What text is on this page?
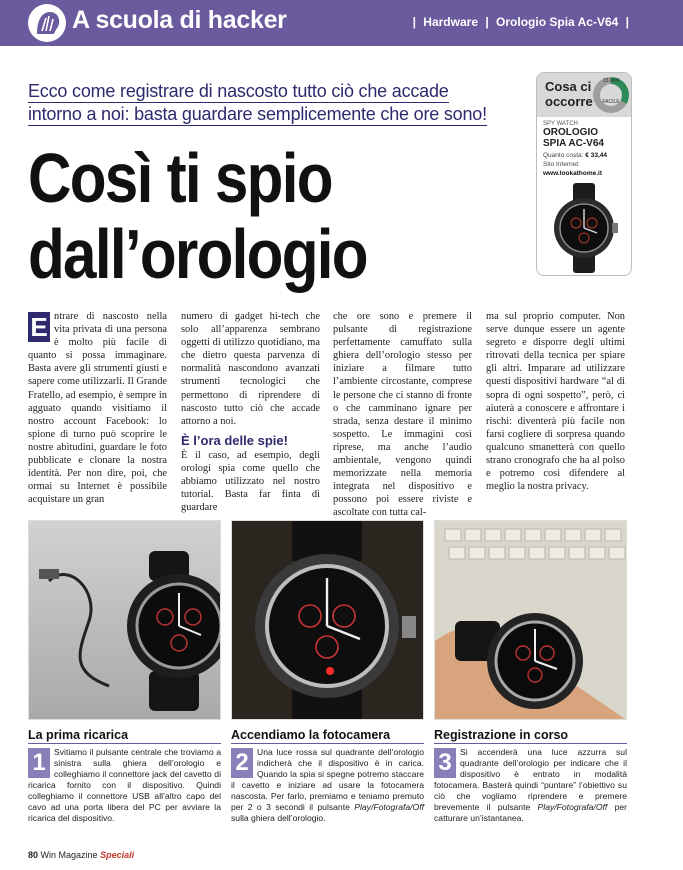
A scuola di hacker	| Hardware | Orologio Spia Ac-V64 |
Ecco come registrare di nascosto tutto ciò che accade
intorno a noi: basta guardare semplicemente che ore sono!
Così ti spio
dall’orologio
Cosa ci
occorre
15 MIN
FACILE
SPY WATCH
OROLOGIO
SPIA AC-V64
Quanto costa: € 33,44
Sito Internet:
www.lookathome.it
E ntrare di nascosto nella vita privata di una persona è molto più facile di quanto si possa immaginare. Basta avere gli strumenti giusti e sapere come utilizzarli. Il Grande Fratello, ad esempio, è sempre in agguato quando visitiamo il nostro account Facebook: lo spione di turno può scoprire le nostre abitudini, guardare le foto pubblicate e clonare la nostra identità. Per non dire, poi, che ormai su Internet è possibile acquistare un gran

numero di gadget hi-tech che solo all’apparenza sembrano oggetti di utilizzo quotidiano, ma che dietro questa parvenza di normalità nascondono avanzati strumenti tecnologici che permettono di riprendere di nascosto tutto ciò che accade attorno a noi.

È l’ora delle spie!

È il caso, ad esempio, degli orologi spia come quello che abbiamo utilizzato nel nostro tutorial. Basta far finta di guardare

che ore sono e premere il pulsante di registrazione perfettamente camuffato sulla ghiera dell’orologio stesso per iniziare a filmare tutto l’ambiente circostante, comprese le persone che ci stanno di fronte o che camminano ignare per strada, senza destare il minimo sospetto. Le immagini così riprese, ma anche l’audio ambientale, vengono quindi memorizzate nella memoria integrata nel dispositivo e possono poi essere riviste e ascoltate con tutta cal-

ma sul proprio computer. Non serve dunque essere un agente segreto e disporre degli ultimi ritrovati della tecnica per spiare gli altri. Imparare ad utilizzare questi dispositivi hardware “al di sopra di ogni sospetto”, però, ci aiuterà a conoscere e affrontare i rischi: diventerà più facile non farsi cogliere di sorpresa quando qualcuno smanetterà con quello strano cronografo che ha al polso e potremo così difendere al meglio la nostra privacy.

La prima ricarica
1 Svitiamo il pulsante centrale che troviamo a sinistra sulla ghiera dell’orologio e colleghiamo il connettore jack del cavetto di ricarica fornito con il dispositivo. Quindi colleghiamo il connettore USB all’altro capo del cavo ad una porta libera del PC per avviare la ricarica del dispositivo.

Accendiamo la fotocamera
2 Una luce rossa sul quadrante dell’orologio indicherà che il dispositivo è in carica. Quando la spia si spegne potremo staccare il cavetto e iniziare ad usare la fotocamera nascosta. Per farlo, premiamo e teniamo premuto per 2 o 3 secondi il pulsante Play/Fotografa/Off sulla ghiera dell’orologio.

Registrazione in corso
3 Si accenderà una luce azzurra sul quadrante dell’orologio per indicare che il dispositivo è entrato in modalità fotocamera. Basterà quindi “puntare” l’obiettivo su ciò che vogliamo riprendere e premere brevemente il pulsante Play/Fotografa/Off per catturare un’istantanea.

80 Win Magazine Speciali
